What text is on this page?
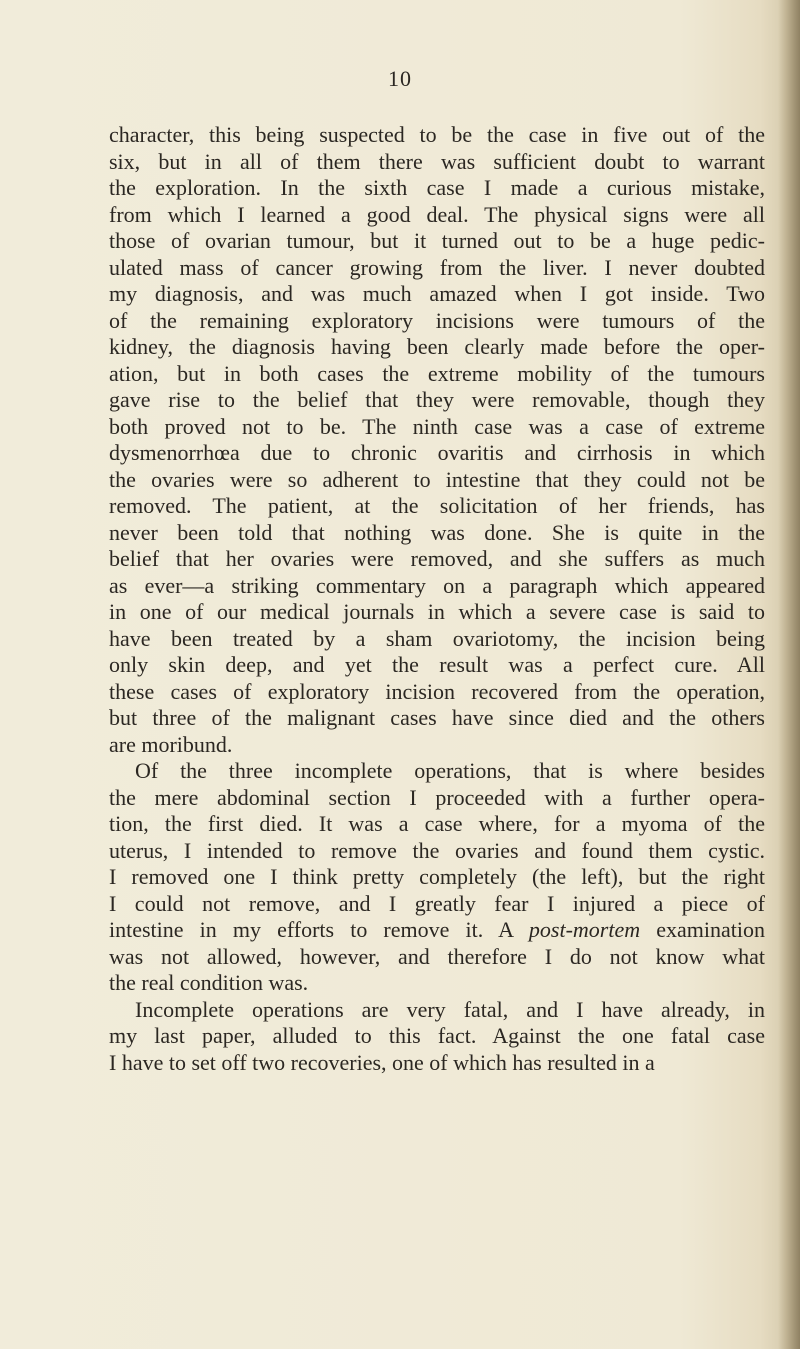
10
character, this being suspected to be the case in five out of the
six, but in all of them there was sufficient doubt to warrant
the exploration. In the sixth case I made a curious mistake,
from which I learned a good deal. The physical signs were all
those of ovarian tumour, but it turned out to be a huge pedic-
ulated mass of cancer growing from the liver. I never doubted
my diagnosis, and was much amazed when I got inside. Two
of the remaining exploratory incisions were tumours of the
kidney, the diagnosis having been clearly made before the oper-
ation, but in both cases the extreme mobility of the tumours
gave rise to the belief that they were removable, though they
both proved not to be. The ninth case was a case of extreme
dysmenorrhœa due to chronic ovaritis and cirrhosis in which
the ovaries were so adherent to intestine that they could not be
removed. The patient, at the solicitation of her friends, has
never been told that nothing was done. She is quite in the
belief that her ovaries were removed, and she suffers as much
as ever—a striking commentary on a paragraph which appeared
in one of our medical journals in which a severe case is said to
have been treated by a sham ovariotomy, the incision being
only skin deep, and yet the result was a perfect cure. All
these cases of exploratory incision recovered from the operation,
but three of the malignant cases have since died and the others
are moribund.
Of the three incomplete operations, that is where besides
the mere abdominal section I proceeded with a further opera-
tion, the first died. It was a case where, for a myoma of the
uterus, I intended to remove the ovaries and found them cystic.
I removed one I think pretty completely (the left), but the right
I could not remove, and I greatly fear I injured a piece of
intestine in my efforts to remove it. A post-mortem examination
was not allowed, however, and therefore I do not know what
the real condition was.
Incomplete operations are very fatal, and I have already, in
my last paper, alluded to this fact. Against the one fatal case
I have to set off two recoveries, one of which has resulted in a
